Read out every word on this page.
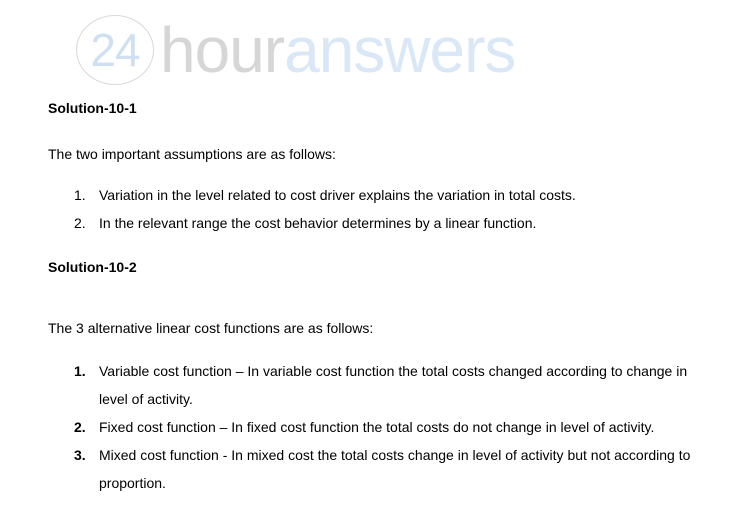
24 hour answers

Solution-10-1

The two important assumptions are as follows:

1. Variation in the level related to cost driver explains the variation in total costs.
2. In the relevant range the cost behavior determines by a linear function.

Solution-10-2

The 3 alternative linear cost functions are as follows:

1. Variable cost function – In variable cost function the total costs changed according to change in level of activity.
2. Fixed cost function – In fixed cost function the total costs do not change in level of activity.
3. Mixed cost function - In mixed cost the total costs change in level of activity but not according to proportion.
